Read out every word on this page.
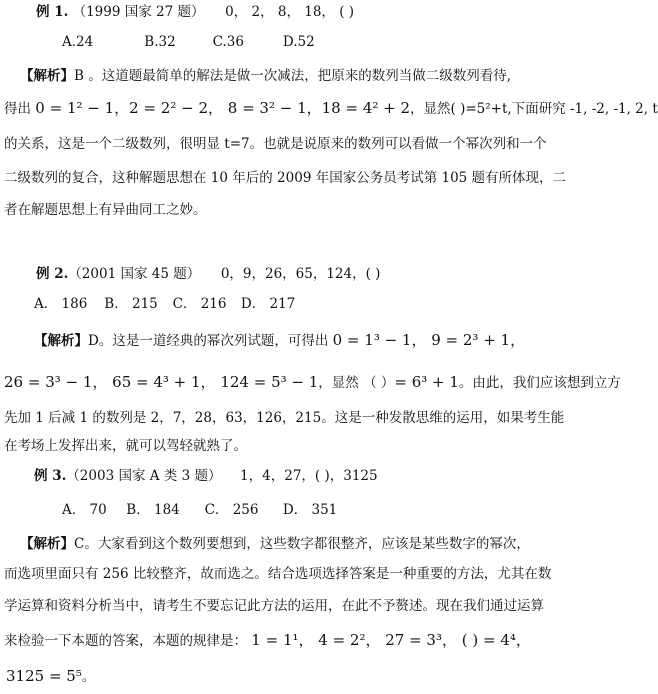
例 1. （1999 国家 27 题） 0， 2， 8， 18， ( )
A.24	B.32	C.36	D.52
【解析】B 。这道题最简单的解法是做一次减法，把原来的数列当做二级数列看待,
得出 0 = 1² − 1，2 = 2² − 2， 8 = 3² − 1，18 = 4² + 2，显然( )=5²+t,下面研究 -1, -2, -1, 2, t
的关系，这是一个二级数列，很明显 t=7。也就是说原来的数列可以看做一个幂次列和一个
二级数列的复合，这种解题思想在 10 年后的 2009 年国家公务员考试第 105 题有所体现，二
者在解题思想上有异曲同工之妙。
例 2.（2001 国家 45 题） 0，9，26，65，124，( )
A． 186 B． 215 C． 216 D． 217
【解析】D。这是一道经典的幂次列试题，可得出 0 = 1³ − 1， 9 = 2³ + 1，
26 = 3³ − 1， 65 = 4³ + 1， 124 = 5³ − 1，显然 （ ）= 6³ + 1。由此，我们应该想到立方
先加 1 后减 1 的数列是 2，7，28，63，126，215。这是一种发散思维的运用，如果考生能
在考场上发挥出来，就可以驾轻就熟了。
例 3.（2003 国家 A 类 3 题） 1，4，27，( )，3125
A． 70 B． 184 C． 256 D． 351
【解析】C。大家看到这个数列要想到，这些数字都很整齐，应该是某些数字的幂次，
而选项里面只有 256 比较整齐，故而选之。结合选项选择答案是一种重要的方法，尤其在数
学运算和资料分析当中，请考生不要忘记此方法的运用，在此不予赘述。现在我们通过运算
来检验一下本题的答案，本题的规律是： 1 = 1¹， 4 = 2²， 27 = 3³， ( ) = 4⁴，
3125 = 5⁵。
